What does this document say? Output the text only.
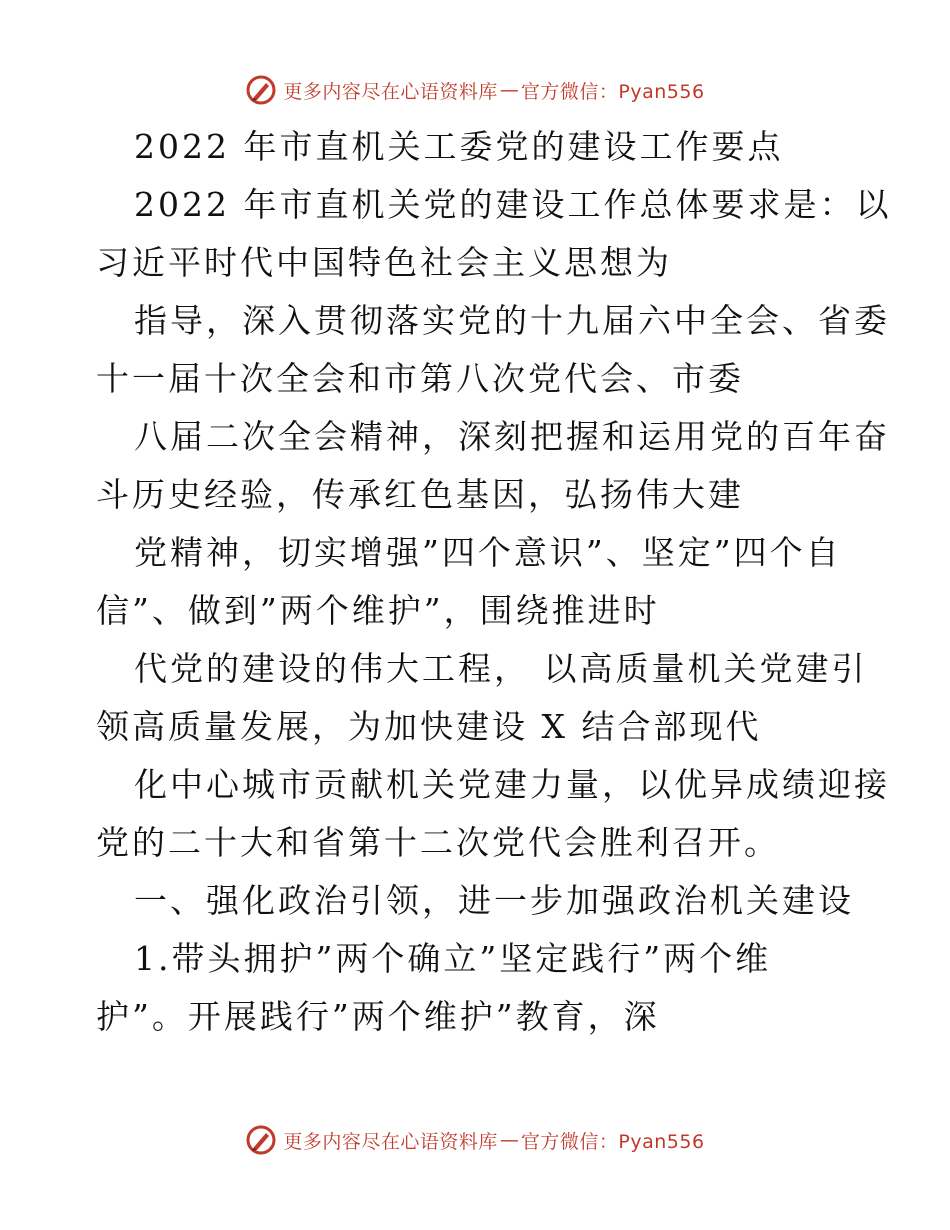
更多内容尽在心语资料库 — 官方微信：Pyan556
2022 年市直机关工委党的建设工作要点
2022 年市直机关党的建设工作总体要求是：以
习近平时代中国特色社会主义思想为
指导，深入贯彻落实党的十九届六中全会、省委
十一届十次全会和市第八次党代会、市委
八届二次全会精神，深刻把握和运用党的百年奋
斗历史经验，传承红色基因，弘扬伟大建
党精神，切实增强”四个意识”、坚定”四个自
信”、做到”两个维护”，围绕推进时
代党的建设的伟大工程， 以高质量机关党建引
领高质量发展，为加快建设 X 结合部现代
化中心城市贡献机关党建力量，以优异成绩迎接
党的二十大和省第十二次党代会胜利召开。
一、强化政治引领，进一步加强政治机关建设
1.带头拥护”两个确立”坚定践行”两个维
护”。开展践行”两个维护”教育，深
更多内容尽在心语资料库 — 官方微信：Pyan556
